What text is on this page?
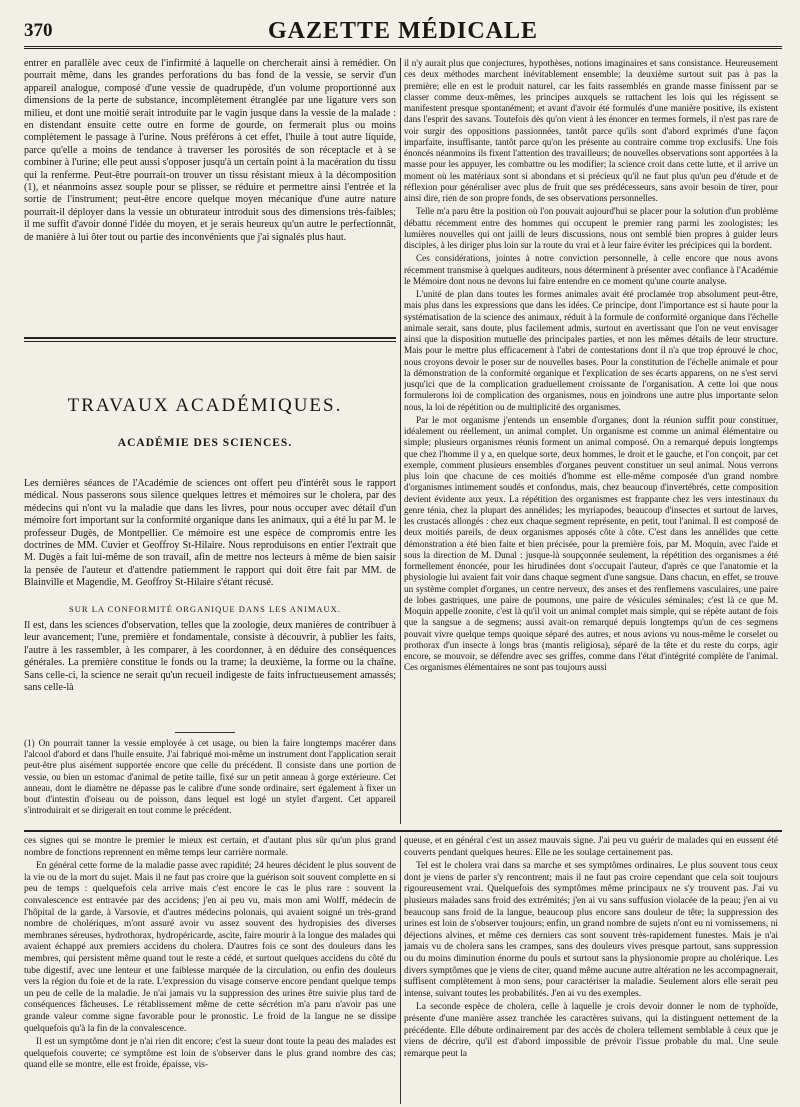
370	GAZETTE MÉDICALE

entrer en parallèle avec ceux de l'infirmité à laquelle on chercherait ainsi à remédier. On pourrait même, dans les grandes perforations du bas fond de la vessie, se servir d'un appareil analogue, composé d'une vessie de quadrupède, d'un volume proportionné aux dimensions de la perte de substance, incomplètement étranglée par une ligature vers son milieu, et dont une moitié serait introduite par le vagin jusque dans la vessie de la malade : en distendant ensuite cette outre en forme de gourde, on fermerait plus ou moins complètement le passage à l'urine. Nous préférons à cet effet, l'huile à tout autre liquide, parce qu'elle a moins de tendance à traverser les porosités de son réceptacle et à se combiner à l'urine; elle peut aussi s'opposer jusqu'à un certain point à la macération du tissu qui la renferme. Peut-être pourrait-on trouver un tissu résistant mieux à la décomposition (1), et néanmoins assez souple pour se plisser, se réduire et permettre ainsi l'entrée et la sortie de l'instrument; peut-être encore quelque moyen mécanique d'une autre nature pourrait-il déployer dans la vessie un obturateur introduit sous des dimensions très-faibles; il me suffit d'avoir donné l'idée du moyen, et je serais heureux qu'un autre le perfectionnât, de manière à lui ôter tout ou partie des inconvénients que j'ai signalés plus haut.

TRAVAUX ACADÉMIQUES.
ACADÉMIE DES SCIENCES.

Les dernières séances de l'Académie de sciences ont offert peu d'intérêt sous le rapport médical. Nous passerons sous silence quelques lettres et mémoires sur le cholera, par des médecins qui n'ont vu la maladie que dans les livres, pour nous occuper avec détail d'un mémoire fort important sur la conformité organique dans les animaux, qui a été lu par M. le professeur Dugès, de Montpellier. Ce mémoire est une espèce de compromis entre les doctrines de MM. Cuvier et Geoffroy St-Hilaire. Nous reproduisons en entier l'extrait que M. Dugès a fait lui-même de son travail, afin de mettre nos lecteurs à même de bien saisir la pensée de l'auteur et d'attendre patiemment le rapport qui doit être fait par MM. de Blainville et Magendie, M. Geoffroy St-Hilaire s'étant récusé.

SUR LA CONFORMITÉ ORGANIQUE DANS LES ANIMAUX.

Il est, dans les sciences d'observation, telles que la zoologie, deux manières de contribuer à leur avancement; l'une, première et fondamentale, consiste à découvrir, à publier les faits, l'autre à les rassembler, à les comparer, à les coordonner, à en déduire des conséquences générales. La première constitue le fonds ou la trame; la deuxième, la forme ou la chaîne. Sans celle-ci, la science ne serait qu'un recueil indigeste de faits infructueusement amassés; sans celle-là

(1) On pourrait tanner la vessie employée à cet usage, ou bien la faire longtemps macérer dans l'alcool d'abord et dans l'huile ensuite. J'ai fabriqué moi-même un instrument dont l'application serait peut-être plus aisément supportée encore que celle du précédent. Il consiste dans une portion de vessie, ou bien un estomac d'animal de petite taille, fixé sur un petit anneau à gorge extérieure. Cet anneau, dont le diamètre ne dépasse pas le calibre d'une sonde ordinaire, sert également à fixer un bout d'intestin d'oiseau ou de poisson, dans lequel est logé un stylet d'argent. Cet appareil s'introduirait et se dirigerait en tout comme le précédent.

il n'y aurait plus que conjectures, hypothèses, notions imaginaires et sans consistance. Heureusement ces deux méthodes marchent inévitablement ensemble; la deuxième surtout suit pas à pas la première; elle en est le produit naturel, car les faits rassemblés en grande masse finissent par se classer comme deux-mêmes, les principes auxquels se rattachent les lois qui les régissent se manifestent presque spontanément; et avant d'avoir été formulés d'une manière positive, ils existent dans l'esprit des savans. Toutefois dès qu'on vient à les énoncer en termes formels, il n'est pas rare de voir surgir des oppositions passionnées, tantôt parce qu'ils sont d'abord exprimés d'une façon imparfaite, insuffisante, tantôt parce qu'on les présente au contraire comme trop exclusifs. Une fois énoncés néanmoins ils fixent l'attention des travailleurs; de nouvelles observations sont apportées à la masse pour les appuyer, les combattre ou les modifier; la science croit dans cette lutte, et il arrive un moment où les matériaux sont si abondans et si précieux qu'il ne faut plus qu'un peu d'étude et de réflexion pour généraliser avec plus de fruit que ses prédécesseurs, sans avoir besoin de tirer, pour ainsi dire, rien de son propre fonds, de ses observations personnelles.

Telle m'a paru être la position où l'on pouvait aujourd'hui se placer pour la solution d'un problème débattu récemment entre des hommes qui occupent le premier rang parmi les zoologistes; les lumières nouvelles qui ont jailli de leurs discussions, nous ont semblé bien propres à guider leurs disciples, à les diriger plus loin sur la route du vrai et à leur faire éviter les précipices qui la bordent.

Ces considérations, jointes à notre conviction personnelle, à celle encore que nous avons récemment transmise à quelques auditeurs, nous déterminent à présenter avec confiance à l'Académie le Mémoire dont nous ne devons lui faire entendre en ce moment qu'une courte analyse.

L'unité de plan dans toutes les formes animales avait été proclamée trop absolument peut-être, mais plus dans les expressions que dans les idées. Ce principe, dont l'importance est si haute pour la systématisation de la science des animaux, réduit à la formule de conformité organique dans l'échelle animale serait, sans doute, plus facilement admis, surtout en avertissant que l'on ne veut envisager ainsi que la disposition mutuelle des principales parties, et non les mêmes détails de leur structure. Mais pour le mettre plus efficacement à l'abri de contestations dont il n'a que trop éprouvé le choc, nous croyons devoir le poser sur de nouvelles bases. Pour la constitution de l'échelle animale et pour la démonstration de la conformité organique et l'explication de ses écarts apparens, on ne s'est servi jusqu'ici que de la complication graduellement croissante de l'organisation. A cette loi que nous formulerons loi de complication des organismes, nous en joindrons une autre plus importante selon nous, la loi de répétition ou de multiplicité des organismes.

Par le mot organisme j'entends un ensemble d'organes, dont la réunion suffit pour constituer, idéalement ou réellement, un animal complet. Un organisme est comme un animal élémentaire ou simple; plusieurs organismes réunis forment un animal composé. On a remarqué depuis longtemps que chez l'homme il y a, en quelque sorte, deux hommes, le droit et le gauche, et l'on conçoit, par cet exemple, comment plusieurs ensembles d'organes peuvent constituer un seul animal. Nous verrons plus loin que chacune de ces moitiés d'homme est elle-même composée d'un grand nombre d'organismes intimement soudés et confondus, mais, chez beaucoup d'invertébrés, cette composition devient évidente aux yeux. La répétition des organismes est frappante chez les vers intestinaux du genre ténia, chez la plupart des annélides; les myriapodes, beaucoup d'insectes et surtout de larves, les crustacés allongés : chez eux chaque segment représente, en petit, tout l'animal. Il est composé de deux moitiés pareils, de deux organismes apposés côte à côte. C'est dans les annélides que cette démonstration a été bien faite et bien précisée, pour la première fois, par M. Moquin, avec l'aide et sous la direction de M. Dunal : jusque-là soupçonnée seulement, la répétition des organismes a été formellement énoncée, pour les hirudinées dont s'occupait l'auteur, d'après ce que l'anatomie et la physiologie lui avaient fait voir dans chaque segment d'une sangsue. Dans chacun, en effet, se trouve un système complet d'organes, un centre nerveux, des anses et des renflemens vasculaires, une paire de lobes gastriques, une paire de poumons, une paire de vésicules séminales; c'est là ce que M. Moquin appelle zoonite, c'est là qu'il voit un animal complet mais simple, qui se répète autant de fois que la sangsue a de segmens; aussi avait-on remarqué depuis longtemps qu'un de ces segmens pouvait vivre quelque temps quoique séparé des autres, et nous avions vu nous-même le corselet ou prothorax d'un insecte à longs bras (mantis religiosa), séparé de la tête et du reste du corps, agir encore, se mouvoir, se défendre avec ses griffes, comme dans l'état d'intégrité complète de l'animal. Ces organismes élémentaires ne sont pas toujours aussi

ces signes qui se montre le premier le mieux est certain, et d'autant plus sûr qu'un plus grand nombre de fonctions reprennent en même temps leur carrière normale.

En général cette forme de la maladie passe avec rapidité; 24 heures décident le plus souvent de la vie ou de la mort du sujet. Mais il ne faut pas croire que la guérison soit souvent complette en si peu de temps : quelquefois cela arrive mais c'est encore le cas le plus rare : souvent la convalescence est entravée par des accidens; j'en ai peu vu, mais mon ami Wolff, médecin de l'hôpital de la garde, à Varsovie, et d'autres médecins polonais, qui avaient soigné un très-grand nombre de cholériques, m'ont assuré avoir vu assez souvent des hydropisies des diverses membranes séreuses, hydrothorax, hydropéricarde, ascite, faire mourir à la longue des malades qui avaient échappé aux premiers accidens du cholera. D'autres fois ce sont des douleurs dans les membres, qui persistent même quand tout le reste a cédé, et surtout quelques accidens du côté du tube digestif, avec une lenteur et une faiblesse marquée de la circulation, ou enfin des douleurs vers la région du foie et de la rate. L'expression du visage conserve encore pendant quelque temps un peu de celle de la maladie. Je n'ai jamais vu la suppression des urines être suivie plus tard de conséquences fâcheuses. Le rétablissement même de cette sécrétion m'a paru n'avoir pas une grande valeur comme signe favorable pour le pronostic. Le froid de la langue ne se dissipe quelquefois qu'à la fin de la convalescence.

Il est un symptôme dont je n'ai rien dit encore; c'est la sueur dont toute la peau des malades est quelquefois couverte; ce symptôme est loin de s'observer dans le plus grand nombre des cas; quand elle se montre, elle est froide, épaisse, vis-

queuse, et en général c'est un assez mauvais signe. J'ai peu vu guérir de malades qui en eussent été couverts pendant quelques heures. Elle ne les soulage certainement pas.

Tel est le cholera vrai dans sa marche et ses symptômes ordinaires. Le plus souvent tous ceux dont je viens de parler s'y rencontrent; mais il ne faut pas croire cependant que cela soit toujours rigoureusement vrai. Quelquefois des symptômes même principaux ne s'y trouvent pas. J'ai vu plusieurs malades sans froid des extrémités; j'en ai vu sans suffusion violacée de la peau; j'en ai vu beaucoup sans froid de la langue, beaucoup plus encore sans douleur de tête; la suppression des urines est loin de s'observer toujours; enfin, un grand nombre de sujets n'ont eu ni vomissemens, ni déjections alvines, et même ces derniers cas sont souvent très-rapidement funestes. Mais je n'ai jamais vu de cholera sans les crampes, sans des douleurs vives presque partout, sans suppression ou du moins diminution énorme du pouls et surtout sans la physionomie propre au cholérique. Les divers symptômes que je viens de citer, quand même aucune autre altération ne les accompagnerait, suffisent complètement à mon sens, pour caractériser la maladie. Seulement alors elle serait peu intense, suivant toutes les probabilités. J'en ai vu des exemples.

La seconde espèce de cholera, celle à laquelle je crois devoir donner le nom de typhoïde, présente d'une manière assez tranchée les caractères suivans, qui la distinguent nettement de la précédente. Elle débute ordinairement par des accès de cholera tellement semblable à ceux que je viens de décrire, qu'il est d'abord impossible de prévoir l'issue probable du mal. Une seule remarque peut la
